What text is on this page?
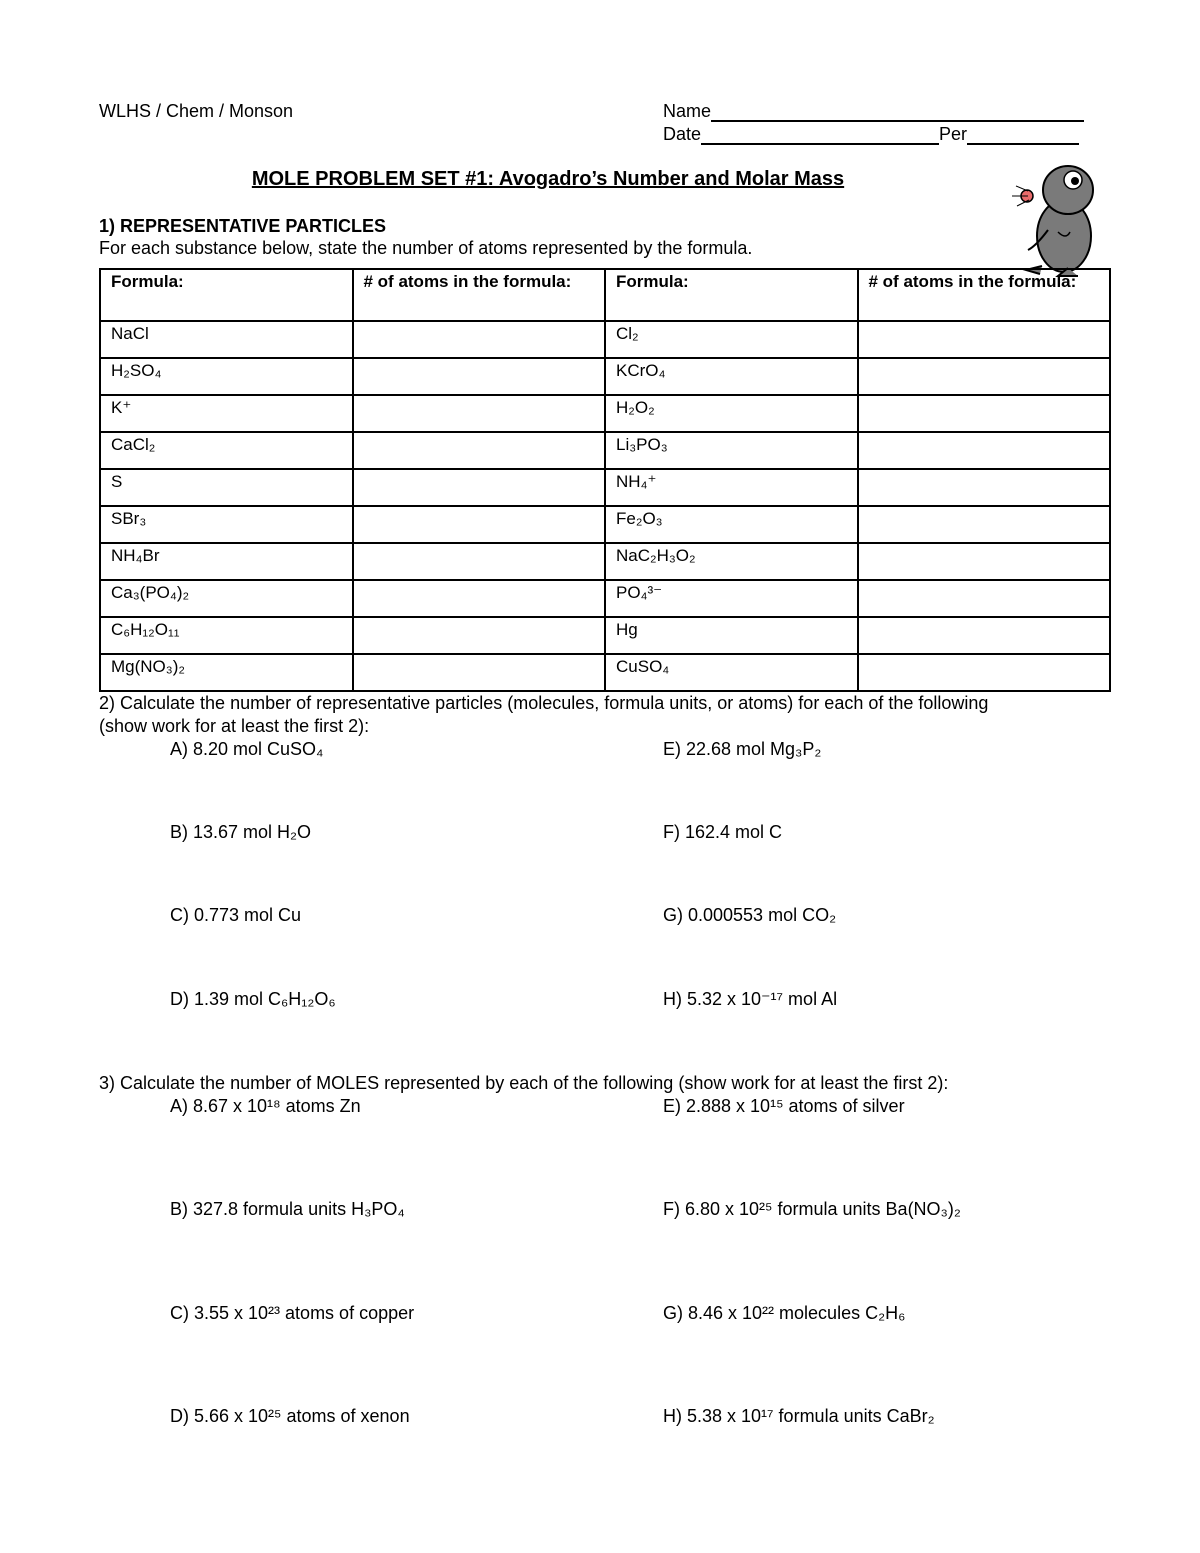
WLHS / Chem / Monson	Name
Date	Per
MOLE PROBLEM SET #1: Avogadro’s Number and Molar Mass
1) REPRESENTATIVE PARTICLES
For each substance below, state the number of atoms represented by the formula.
Formula:	# of atoms in the formula:	Formula:	# of atoms in the formula:
NaCl		Cl₂	
H₂SO₄		KCrO₄	
K⁺		H₂O₂	
CaCl₂		Li₃PO₃	
S		NH₄⁺	
SBr₃		Fe₂O₃	
NH₄Br		NaC₂H₃O₂	
Ca₃(PO₄)₂		PO₄³⁻	
C₆H₁₂O₁₁		Hg	
Mg(NO₃)₂		CuSO₄	
2) Calculate the number of representative particles (molecules, formula units, or atoms) for each of the following
(show work for at least the first 2):
A) 8.20 mol CuSO₄	E) 22.68 mol Mg₃P₂
B) 13.67 mol H₂O	F) 162.4 mol C
C) 0.773 mol Cu	G) 0.000553 mol CO₂
D) 1.39 mol C₆H₁₂O₆	H) 5.32 x 10⁻¹⁷ mol Al
3) Calculate the number of MOLES represented by each of the following (show work for at least the first 2):
A) 8.67 x 10¹⁸ atoms Zn	E) 2.888 x 10¹⁵ atoms of silver
B) 327.8 formula units H₃PO₄	F) 6.80 x 10²⁵ formula units Ba(NO₃)₂
C) 3.55 x 10²³ atoms of copper	G) 8.46 x 10²² molecules C₂H₆
D) 5.66 x 10²⁵ atoms of xenon	H) 5.38 x 10¹⁷ formula units CaBr₂
